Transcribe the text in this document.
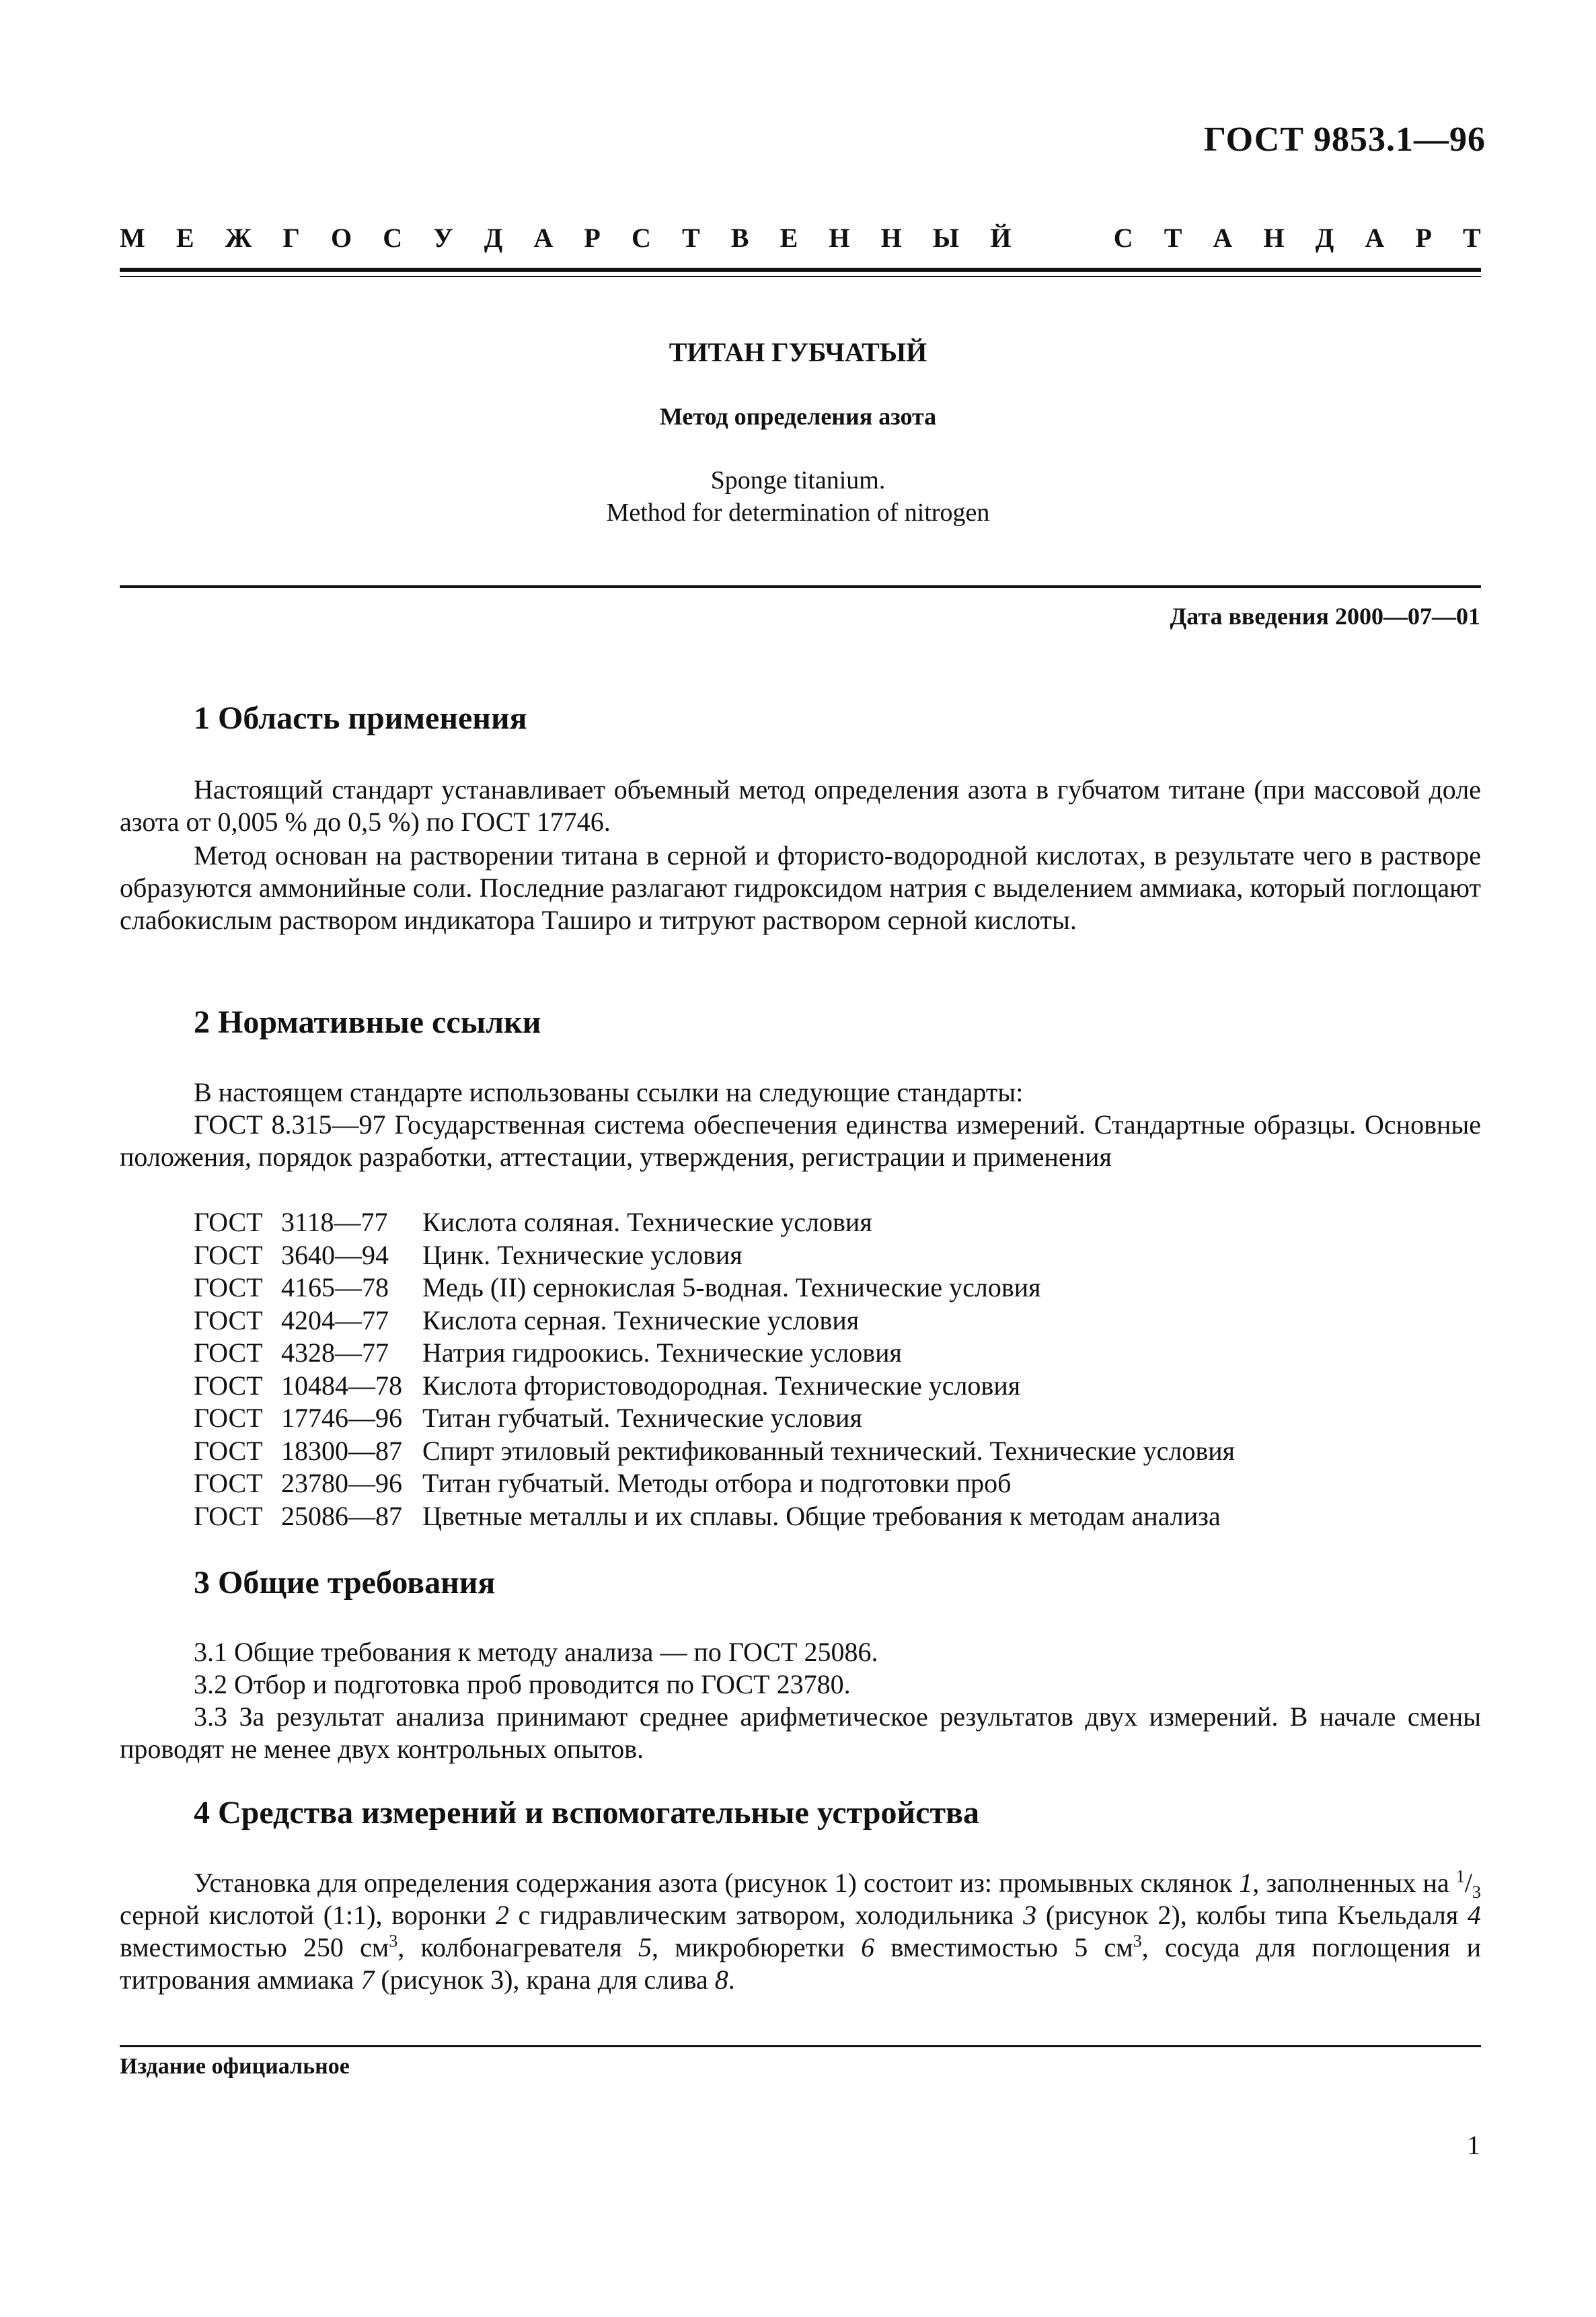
ГОСТ 9853.1—96
М Е Ж Г О С У Д А Р С Т В Е Н Н Ы Й	С Т А Н Д А Р Т
ТИТАН ГУБЧАТЫЙ
Метод определения азота
Sponge titanium.
Method for determination of nitrogen
Дата введения 2000—07—01
1 Область применения

Настоящий стандарт устанавливает объемный метод определения азота в губчатом титане (при массовой доле азота от 0,005 % до 0,5 %) по ГОСТ 17746.

Метод основан на растворении титана в серной и фтористо-водородной кислотах, в результате чего в растворе образуются аммонийные соли. Последние разлагают гидроксидом натрия с выделением аммиака, который поглощают слабокислым раствором индикатора Таширо и титруют раствором серной кислоты.

2 Нормативные ссылки

В настоящем стандарте использованы ссылки на следующие стандарты:

ГОСТ 8.315—97 Государственная система обеспечения единства измерений. Стандартные образцы. Основные положения, порядок разработки, аттестации, утверждения, регистрации и применения

ГОСТ 3118—77 Кислота соляная. Технические условия
ГОСТ 3640—94 Цинк. Технические условия
ГОСТ 4165—78 Медь (II) сернокислая 5-водная. Технические условия
ГОСТ 4204—77 Кислота серная. Технические условия
ГОСТ 4328—77 Натрия гидроокись. Технические условия
ГОСТ 10484—78 Кислота фтористоводородная. Технические условия
ГОСТ 17746—96 Титан губчатый. Технические условия
ГОСТ 18300—87 Спирт этиловый ректификованный технический. Технические условия
ГОСТ 23780—96 Титан губчатый. Методы отбора и подготовки проб
ГОСТ 25086—87 Цветные металлы и их сплавы. Общие требования к методам анализа
3 Общие требования

3.1 Общие требования к методу анализа — по ГОСТ 25086.

3.2 Отбор и подготовка проб проводится по ГОСТ 23780.

3.3 За результат анализа принимают среднее арифметическое результатов двух измерений. В начале смены проводят не менее двух контрольных опытов.

4 Средства измерений и вспомогательные устройства

Установка для определения содержания азота (рисунок 1) состоит из: промывных склянок 1, заполненных на $^1/_3$ серной кислотой (1:1), воронки 2 с гидравлическим затвором, холодильника 3 (рисунок 2), колбы типа Къельдаля 4 вместимостью 250 $см^3$, колбонагревателя 5, микробюретки 6 вместимостью 5 $см^3$, сосуда для поглощения и титрования аммиака 7 (рисунок 3), крана для слива 8.

Издание официальное
1
